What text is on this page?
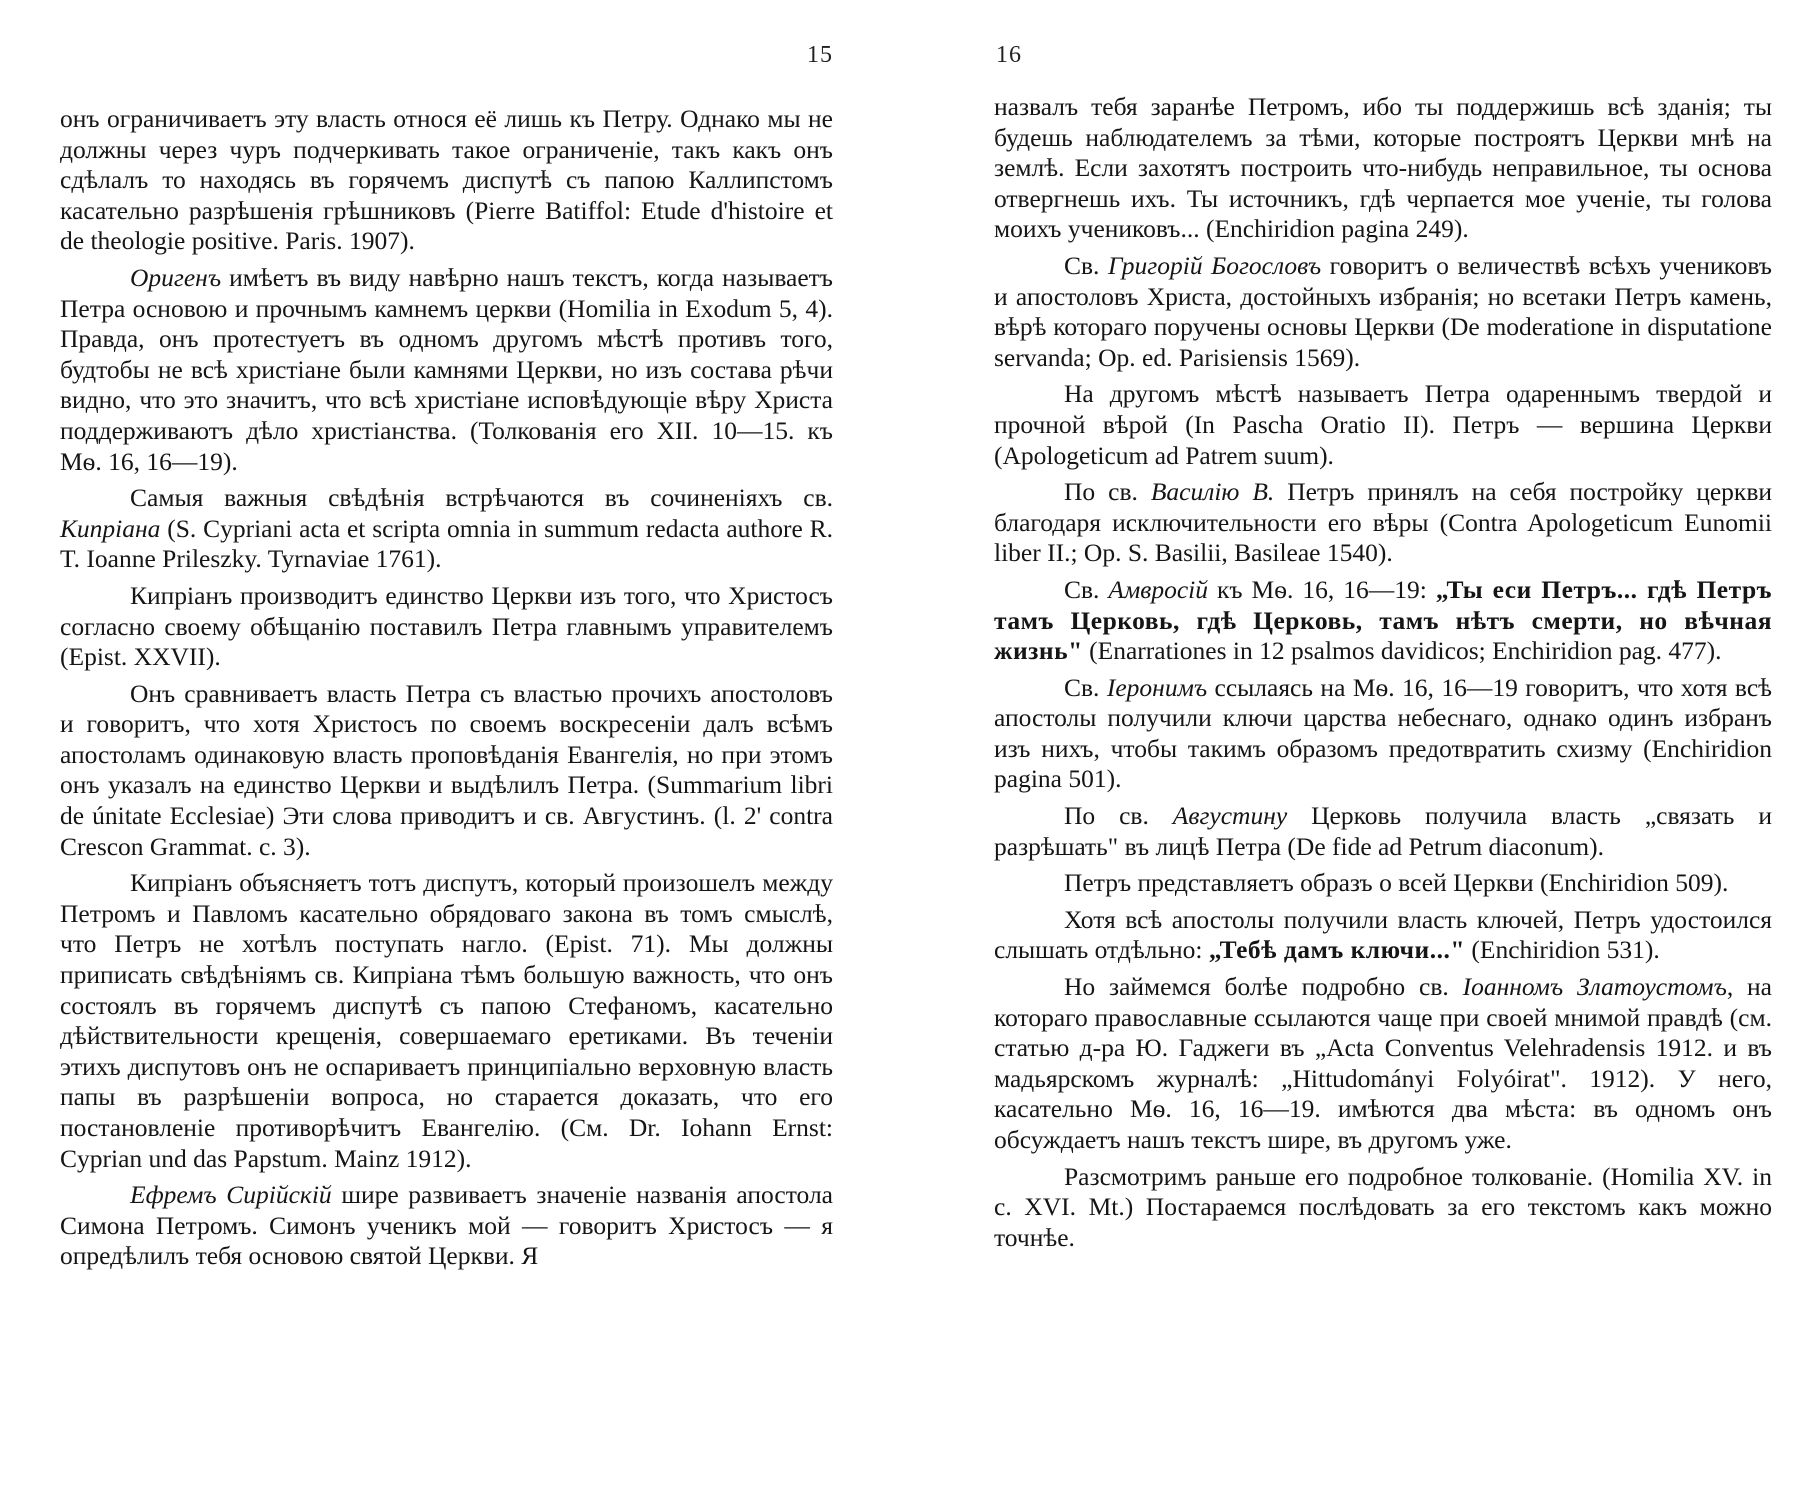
15

онъ ограничиваетъ эту власть относя её лишь къ Петру. Однако мы не должны через чуръ подчеркивать такое ограниченіе, такъ какъ онъ сдѣлалъ то находясь въ горячемъ диспутѣ съ папою Каллипстомъ касательно разрѣшенія грѣшниковъ (Pierre Batiffol: Etude d'histoire et de theologie positive. Paris. 1907).

Оригенъ имѣетъ въ виду навѣрно нашъ текстъ, когда называетъ Петра основою и прочнымъ камнемъ церкви (Homilia in Exodum 5, 4). Правда, онъ протестуетъ въ одномъ другомъ мѣстѣ противъ того, будтобы не всѣ христіане были камнями Церкви, но изъ состава рѣчи видно, что это значитъ, что всѣ христіане исповѣдующіе вѣру Христа поддерживаютъ дѣло христіанства. (Толкованія его XII. 10—15. къ Мѳ. 16, 16—19).

Самыя важныя свѣдѣнія встрѣчаются въ сочиненіяхъ св. Кипріана (S. Cypriani acta et scripta omnia in summum redacta authore R. T. Ioanne Prileszky. Tyrnaviae 1761).

Кипріанъ производитъ единство Церкви изъ того, что Христосъ согласно своему обѣщанію поставилъ Петра главнымъ управителемъ (Epist. XXVII).

Онъ сравниваетъ власть Петра съ властью прочихъ апостоловъ и говоритъ, что хотя Христосъ по своемъ воскресеніи далъ всѣмъ апостоламъ одинаковую власть проповѣданія Евангелія, но при этомъ онъ указалъ на единство Церкви и выдѣлилъ Петра. (Summarium libri de únitate Ecclesiae) Эти слова приводитъ и св. Августинъ. (l. 2' contra Crescon Grammat. c. 3).

Кипріанъ объясняетъ тотъ диспутъ, который произошелъ между Петромъ и Павломъ касательно обрядоваго закона въ томъ смыслѣ, что Петръ не хотѣлъ поступать нагло. (Epist. 71). Мы должны приписать свѣдѣніямъ св. Кипріана тѣмъ большую важность, что онъ состоялъ въ горячемъ диспутѣ съ папою Стефаномъ, касательно дѣйствительности крещенія, совершаемаго еретиками. Въ теченіи этихъ диспутовъ онъ не оспариваетъ принципіально верховную власть папы въ разрѣшеніи вопроса, но старается доказать, что его постановленіе противорѣчитъ Евангелію. (См. Dr. Iohann Ernst: Cyprian und das Papstum. Mainz 1912).

Ефремъ Сирійскій шире развиваетъ значеніе названія апостола Симона Петромъ. Симонъ ученикъ мой — говоритъ Христосъ — я опредѣлилъ тебя основою святой Церкви. Я

16

назвалъ тебя заранѣе Петромъ, ибо ты поддержишь всѣ зданія; ты будешь наблюдателемъ за тѣми, которые построятъ Церкви мнѣ на землѣ. Если захотятъ построить что-нибудь неправильное, ты основа отвергнешь ихъ. Ты источникъ, гдѣ черпается мое ученіе, ты голова моихъ учениковъ... (Enchiridion pagina 249).

Св. Григорій Богословъ говоритъ о величествѣ всѣхъ учениковъ и апостоловъ Христа, достойныхъ избранія; но всетаки Петръ камень, вѣрѣ котораго поручены основы Церкви (De moderatione in disputatione servanda; Op. ed. Parisiensis 1569).

На другомъ мѣстѣ называетъ Петра одареннымъ твердой и прочной вѣрой (In Pascha Oratio II). Петръ — вершина Церкви (Apologeticum ad Patrem suum).

По св. Василію В. Петръ принялъ на себя постройку церкви благодаря исключительности его вѣры (Contra Apologeticum Eunomii liber II.; Op. S. Basilii, Basileae 1540).

Св. Амвросій къ Мѳ. 16, 16—19: „Ты еси Петръ... гдѣ Петръ тамъ Церковь, гдѣ Церковь, тамъ нѣтъ смерти, но вѣчная жизнь" (Enarrationes in 12 psalmos davidicos; Enchiridion pag. 477).

Св. Іеронимъ ссылаясь на Мѳ. 16, 16—19 говоритъ, что хотя всѣ апостолы получили ключи царства небеснаго, однако одинъ избранъ изъ нихъ, чтобы такимъ образомъ предотвратить схизму (Enchiridion pagina 501).

По св. Августину Церковь получила власть „связать и разрѣшать" въ лицѣ Петра (De fide ad Petrum diaconum).

Петръ представляетъ образъ о всей Церкви (Enchiridion 509).

Хотя всѣ апостолы получили власть ключей, Петръ удостоился слышать отдѣльно: „Тебѣ дамъ ключи..." (Enchiridion 531).

Но займемся болѣе подробно св. Іоанномъ Златоустомъ, на котораго православные ссылаются чаще при своей мнимой правдѣ (см. статью д-ра Ю. Гаджеги въ „Acta Conventus Velehradensis 1912. и въ мадьярскомъ журналѣ: „Hittudományi Folyóirat". 1912). У него, касательно Мѳ. 16, 16—19. имѣются два мѣста: въ одномъ онъ обсуждаетъ нашъ текстъ шире, въ другомъ уже.

Разсмотримъ раньше его подробное толкованіе. (Homilia XV. in c. XVI. Mt.) Постараемся послѣдовать за его текстомъ какъ можно точнѣе.
